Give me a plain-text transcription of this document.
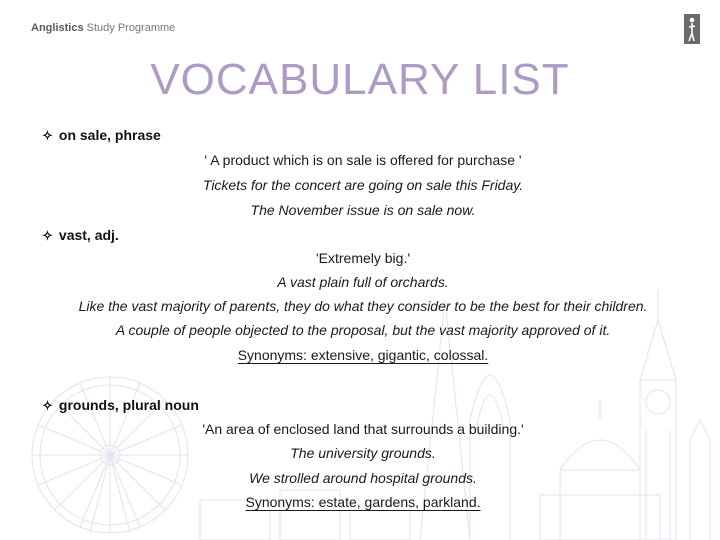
Anglistics Study Programme
VOCABULARY LIST
✧ on sale, phrase
' A product which is on sale is offered for purchase '
Tickets for the concert are going on sale this Friday.
The November issue is on sale now.
✧ vast, adj.
'Extremely big.'
A vast plain full of orchards.
Like the vast majority of parents, they do what they consider to be the best for their children.
A couple of people objected to the proposal, but the vast majority approved of it.
Synonyms: extensive, gigantic, colossal.
✧ grounds, plural noun
'An area of enclosed land that surrounds a building.'
The university grounds.
We strolled around hospital grounds.
Synonyms: estate, gardens, parkland.
